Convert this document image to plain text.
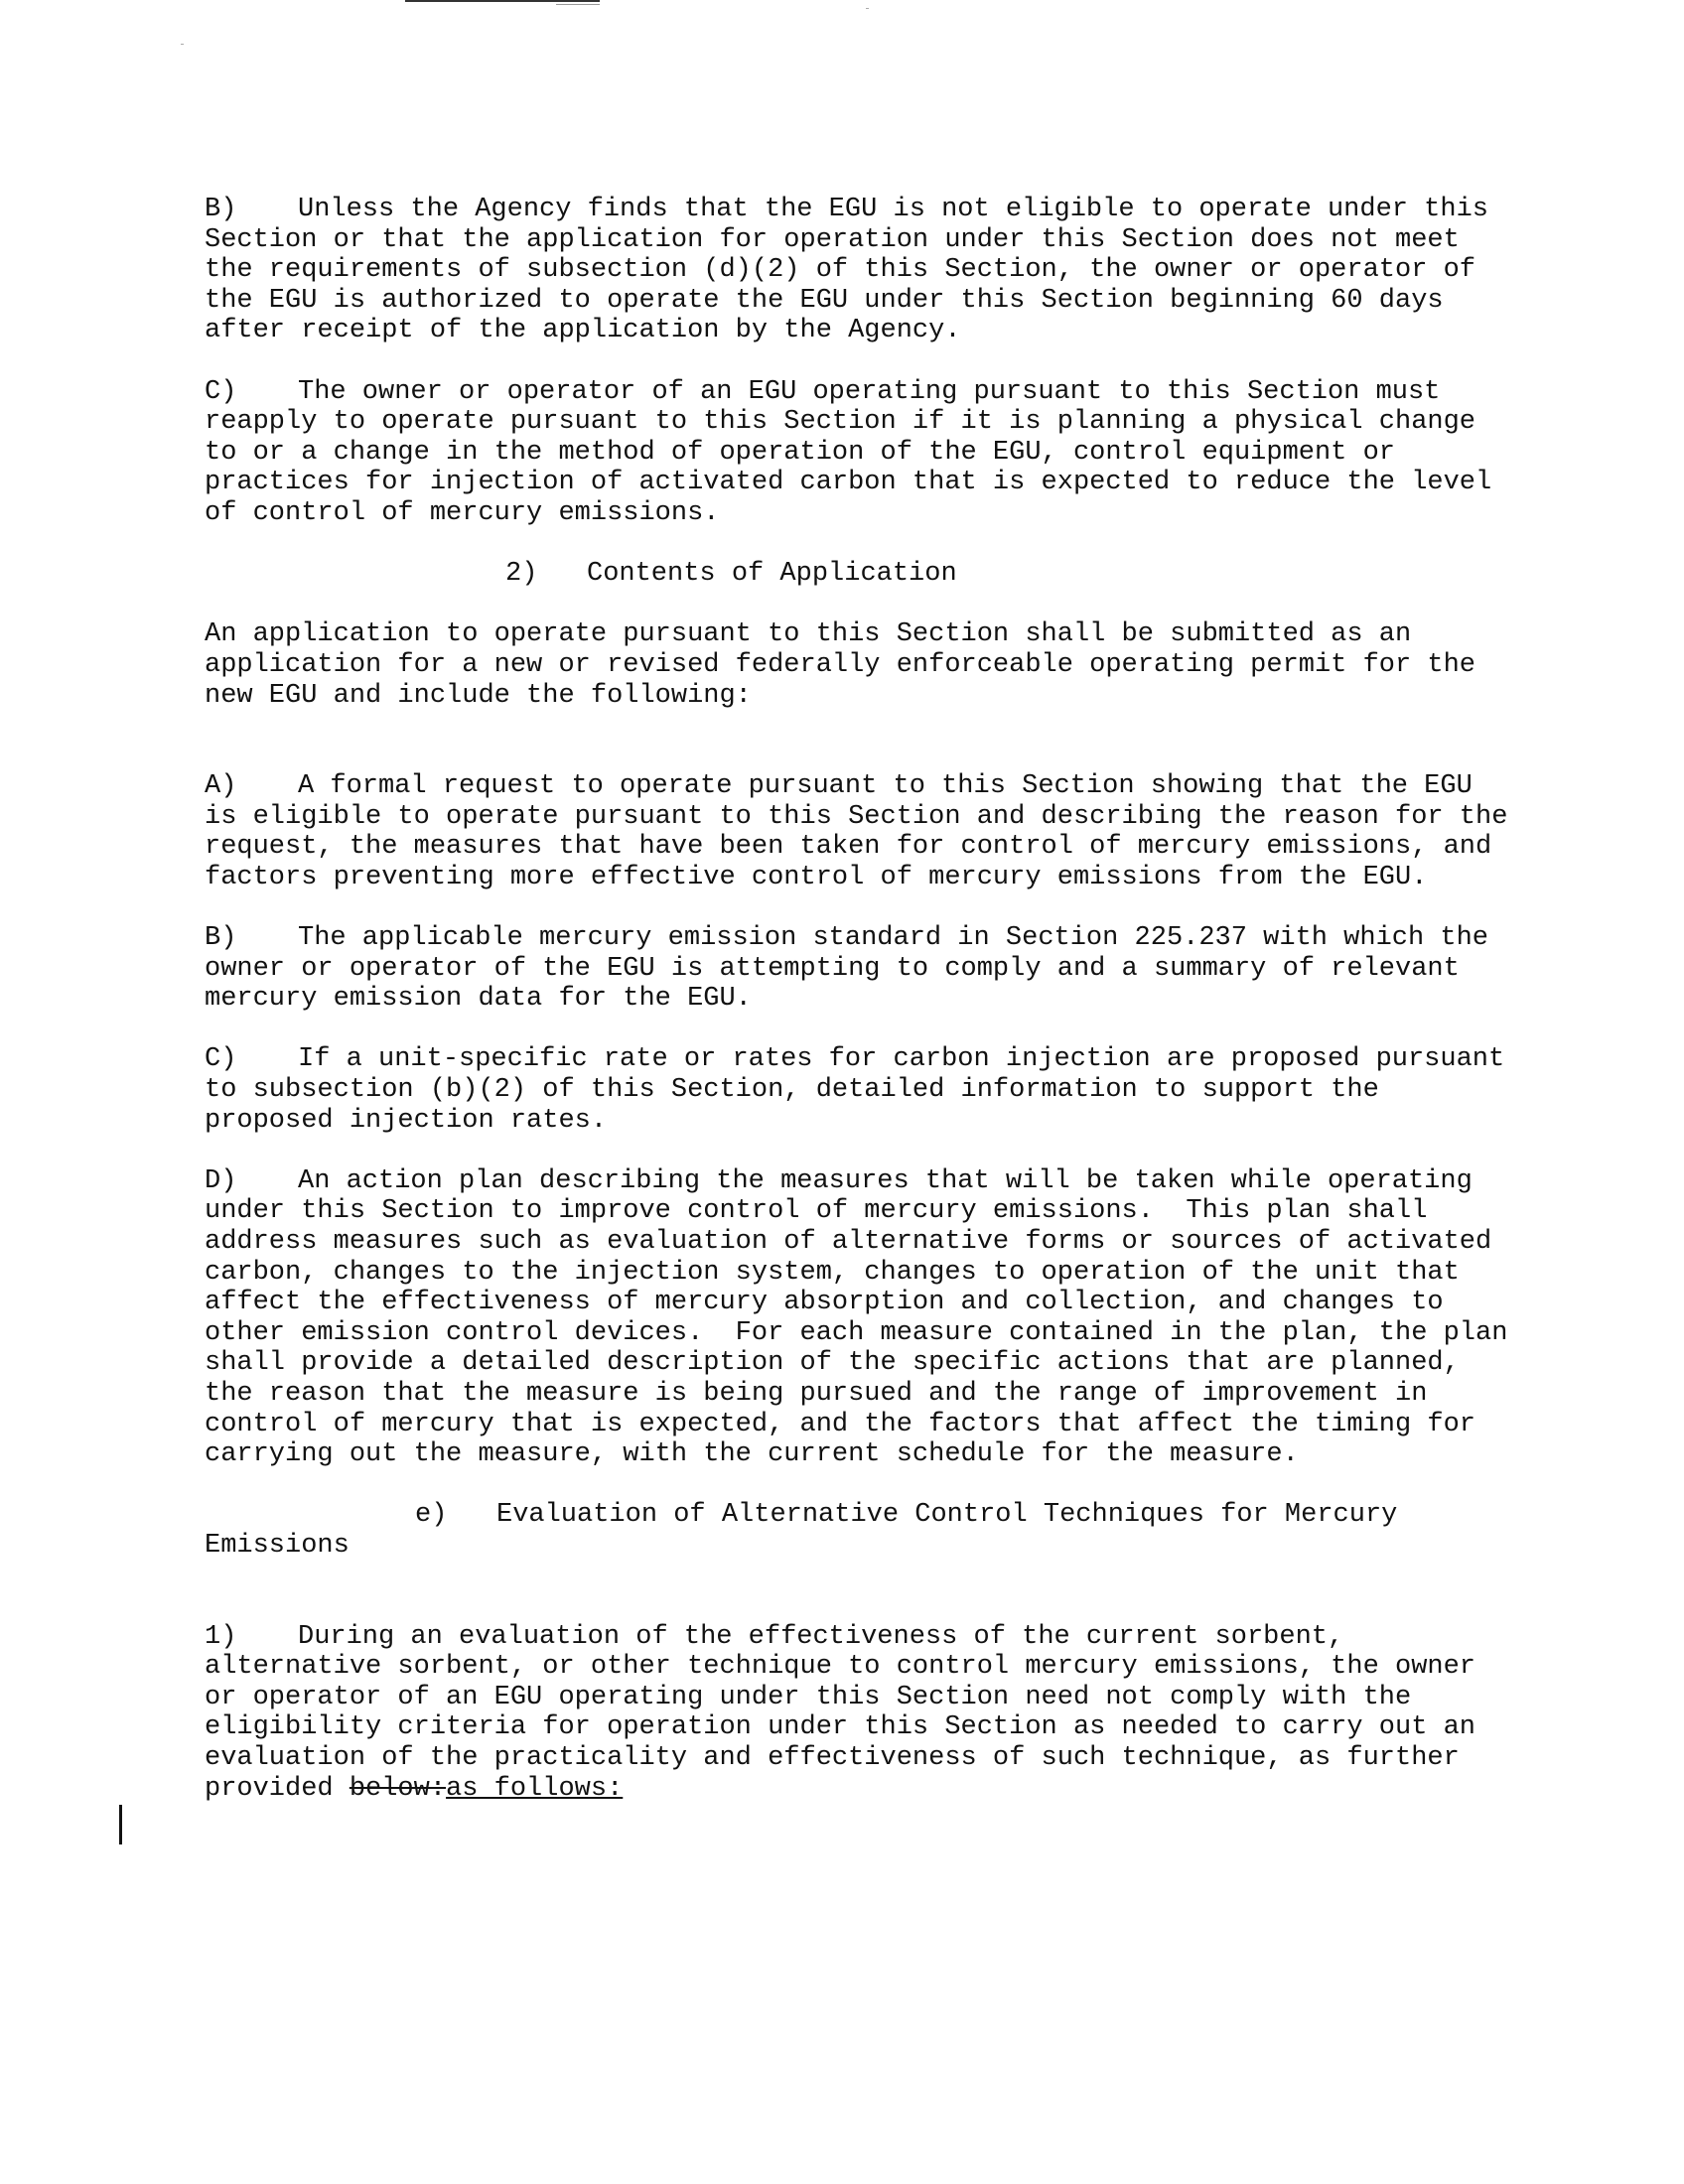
B) Unless the Agency finds that the EGU is not eligible to operate under this Section or that the application for operation under this Section does not meet the requirements of subsection (d)(2) of this Section, the owner or operator of the EGU is authorized to operate the EGU under this Section beginning 60 days after receipt of the application by the Agency.

C) The owner or operator of an EGU operating pursuant to this Section must reapply to operate pursuant to this Section if it is planning a physical change to or a change in the method of operation of the EGU, control equipment or practices for injection of activated carbon that is expected to reduce the level of control of mercury emissions.

2) Contents of Application

An application to operate pursuant to this Section shall be submitted as an application for a new or revised federally enforceable operating permit for the new EGU and include the following:

A) A formal request to operate pursuant to this Section showing that the EGU is eligible to operate pursuant to this Section and describing the reason for the request, the measures that have been taken for control of mercury emissions, and factors preventing more effective control of mercury emissions from the EGU.

B) The applicable mercury emission standard in Section 225.237 with which the owner or operator of the EGU is attempting to comply and a summary of relevant mercury emission data for the EGU.

C) If a unit-specific rate or rates for carbon injection are proposed pursuant to subsection (b)(2) of this Section, detailed information to support the proposed injection rates.

D) An action plan describing the measures that will be taken while operating under this Section to improve control of mercury emissions.  This plan shall address measures such as evaluation of alternative forms or sources of activated carbon, changes to the injection system, changes to operation of the unit that affect the effectiveness of mercury absorption and collection, and changes to other emission control devices.  For each measure contained in the plan, the plan shall provide a detailed description of the specific actions that are planned, the reason that the measure is being pursued and the range of improvement in control of mercury that is expected, and the factors that affect the timing for carrying out the measure, with the current schedule for the measure.

e) Evaluation of Alternative Control Techniques for Mercury Emissions

1) During an evaluation of the effectiveness of the current sorbent, alternative sorbent, or other technique to control mercury emissions, the owner or operator of an EGU operating under this Section need not comply with the eligibility criteria for operation under this Section as needed to carry out an evaluation of the practicality and effectiveness of such technique, as further provided below:as follows:
